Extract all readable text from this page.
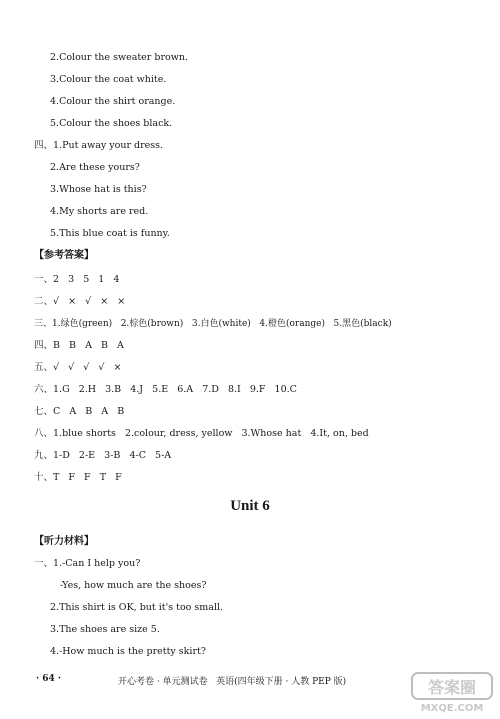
2.Colour the sweater brown.
3.Colour the coat white.
4.Colour the shirt orange.
5.Colour the shoes black.
四、1.Put away your dress.
2.Are these yours?
3.Whose hat is this?
4.My shorts are red.
5.This blue coat is funny.
【参考答案】
一、2   3   5   1   4
二、√   ×   √   ×   ×
三、1.绿色(green)   2.棕色(brown)   3.白色(white)   4.橙色(orange)   5.黑色(black)
四、B   B   A   B   A
五、√   √   √   √   ×
六、1.G   2.H   3.B   4.J   5.E   6.A   7.D   8.I   9.F   10.C
七、C   A   B   A   B
八、1.blue shorts   2.colour, dress, yellow   3.Whose hat   4.It, on, bed
九、1-D   2-E   3-B   4-C   5-A
十、T   F   F   T   F
Unit 6
【听力材料】
一、1.-Can I help you?
-Yes, how much are the shoes?
2.This shirt is OK, but it's too small.
3.The shoes are size 5.
4.-How much is the pretty skirt?
· 64 ·	开心考卷 · 单元测试卷   英语(四年级下册 · 人教 PEP 版)	答案圈
MXQE.COM
